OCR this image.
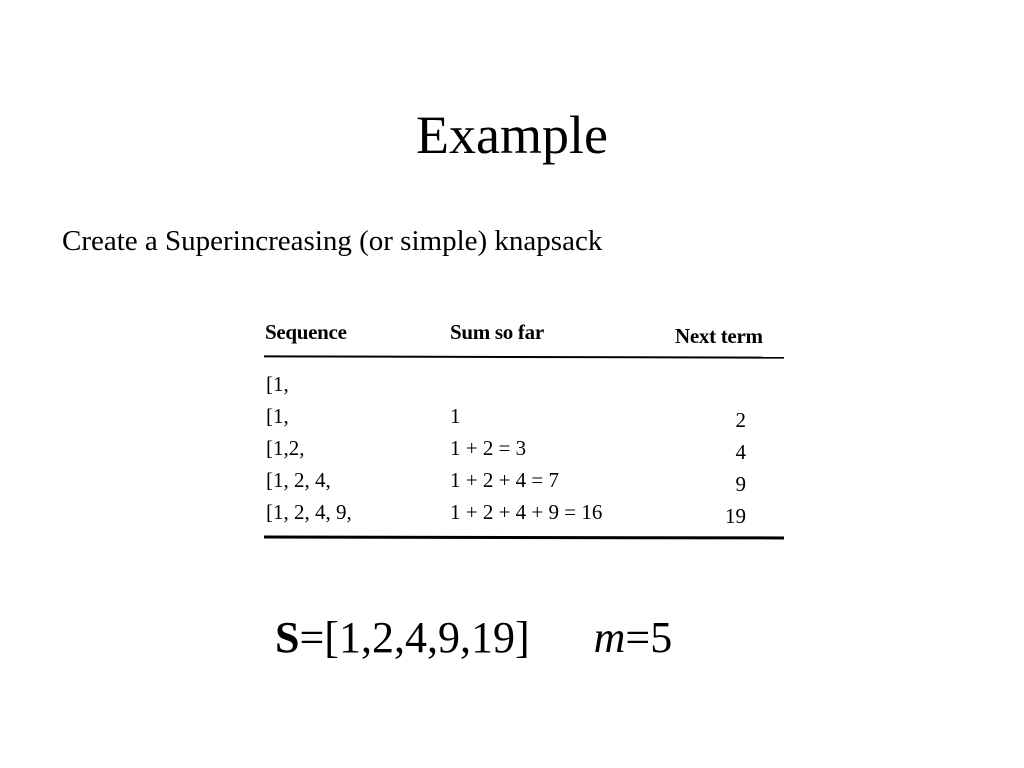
Example
Create a Superincreasing (or simple) knapsack
Sequence	Sum so far	Next term
[1,
[1,	1	2
[1,2,	1 + 2 = 3	4
[1, 2, 4,	1 + 2 + 4 = 7	9
[1, 2, 4, 9,	1 + 2 + 4 + 9 = 16	19
S=[1,2,4,9,19] m=5
